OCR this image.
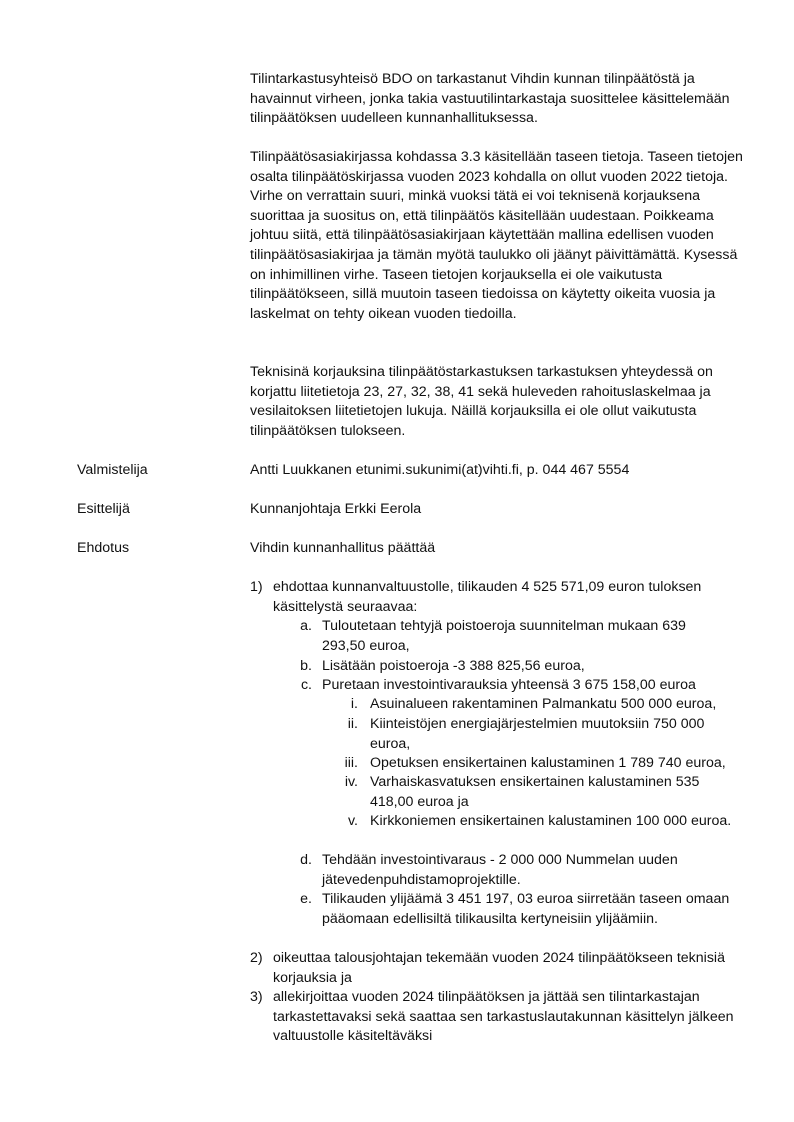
Tilintarkastusyhteisö BDO on tarkastanut Vihdin kunnan tilinpäätöstä ja havainnut virheen, jonka takia vastuutilintarkastaja suosittelee käsittelemään tilinpäätöksen uudelleen kunnanhallituksessa.

Tilinpäätösasiakirjassa kohdassa 3.3 käsitellään taseen tietoja. Taseen tietojen osalta tilinpäätöskirjassa vuoden 2023 kohdalla on ollut vuoden 2022 tietoja. Virhe on verrattain suuri, minkä vuoksi tätä ei voi teknisenä korjauksena suorittaa ja suositus on, että tilinpäätös käsitellään uudestaan. Poikkeama johtuu siitä, että tilinpäätösasiakirjaan käytettään mallina edellisen vuoden tilinpäätösasiakirjaa ja tämän myötä taulukko oli jäänyt päivittämättä. Kysessä on inhimillinen virhe. Taseen tietojen korjauksella ei ole vaikutusta tilinpäätökseen, sillä muutoin taseen tiedoissa on käytetty oikeita vuosia ja laskelmat on tehty oikean vuoden tiedoilla.

Teknisinä korjauksina tilinpäätöstarkastuksen tarkastuksen yhteydessä on korjattu liitetietoja 23, 27, 32, 38, 41 sekä huleveden rahoituslaskelmaa ja vesilaitoksen liitetietojen lukuja. Näillä korjauksilla ei ole ollut vaikutusta tilinpäätöksen tulokseen.

Valmistelija	Antti Luukkanen etunimi.sukunimi(at)vihti.fi, p. 044 467 5554
Esittelijä	Kunnanjohtaja Erkki Eerola
Ehdotus	Vihdin kunnanhallitus päättää
1) ehdottaa kunnanvaltuustolle, tilikauden 4 525 571,09 euron tuloksen käsittelystä seuraavaa:
a. Tuloutetaan tehtyjä poistoeroja suunnitelman mukaan 639 293,50 euroa,
b. Lisätään poistoeroja -3 388 825,56 euroa,
c. Puretaan investointivarauksia yhteensä 3 675 158,00 euroa
i. Asuinalueen rakentaminen Palmankatu 500 000 euroa,
ii. Kiinteistöjen energiajärjestelmien muutoksiin 750 000 euroa,
iii. Opetuksen ensikertainen kalustaminen 1 789 740 euroa,
iv. Varhaiskasvatuksen ensikertainen kalustaminen 535 418,00 euroa ja
v. Kirkkoniemen ensikertainen kalustaminen 100 000 euroa.
d. Tehdään investointivaraus - 2 000 000 Nummelan uuden jätevedenpuhdistamoprojektille.
e. Tilikauden ylijäämä 3 451 197, 03 euroa siirretään taseen omaan pääomaan edellisiltä tilikausilta kertyneisiin ylijäämiin.
2) oikeuttaa talousjohtajan tekemään vuoden 2024 tilinpäätökseen teknisiä korjauksia ja
3) allekirjoittaa vuoden 2024 tilinpäätöksen ja jättää sen tilintarkastajan tarkastettavaksi sekä saattaa sen tarkastuslautakunnan käsittelyn jälkeen valtuustolle käsiteltäväksi
